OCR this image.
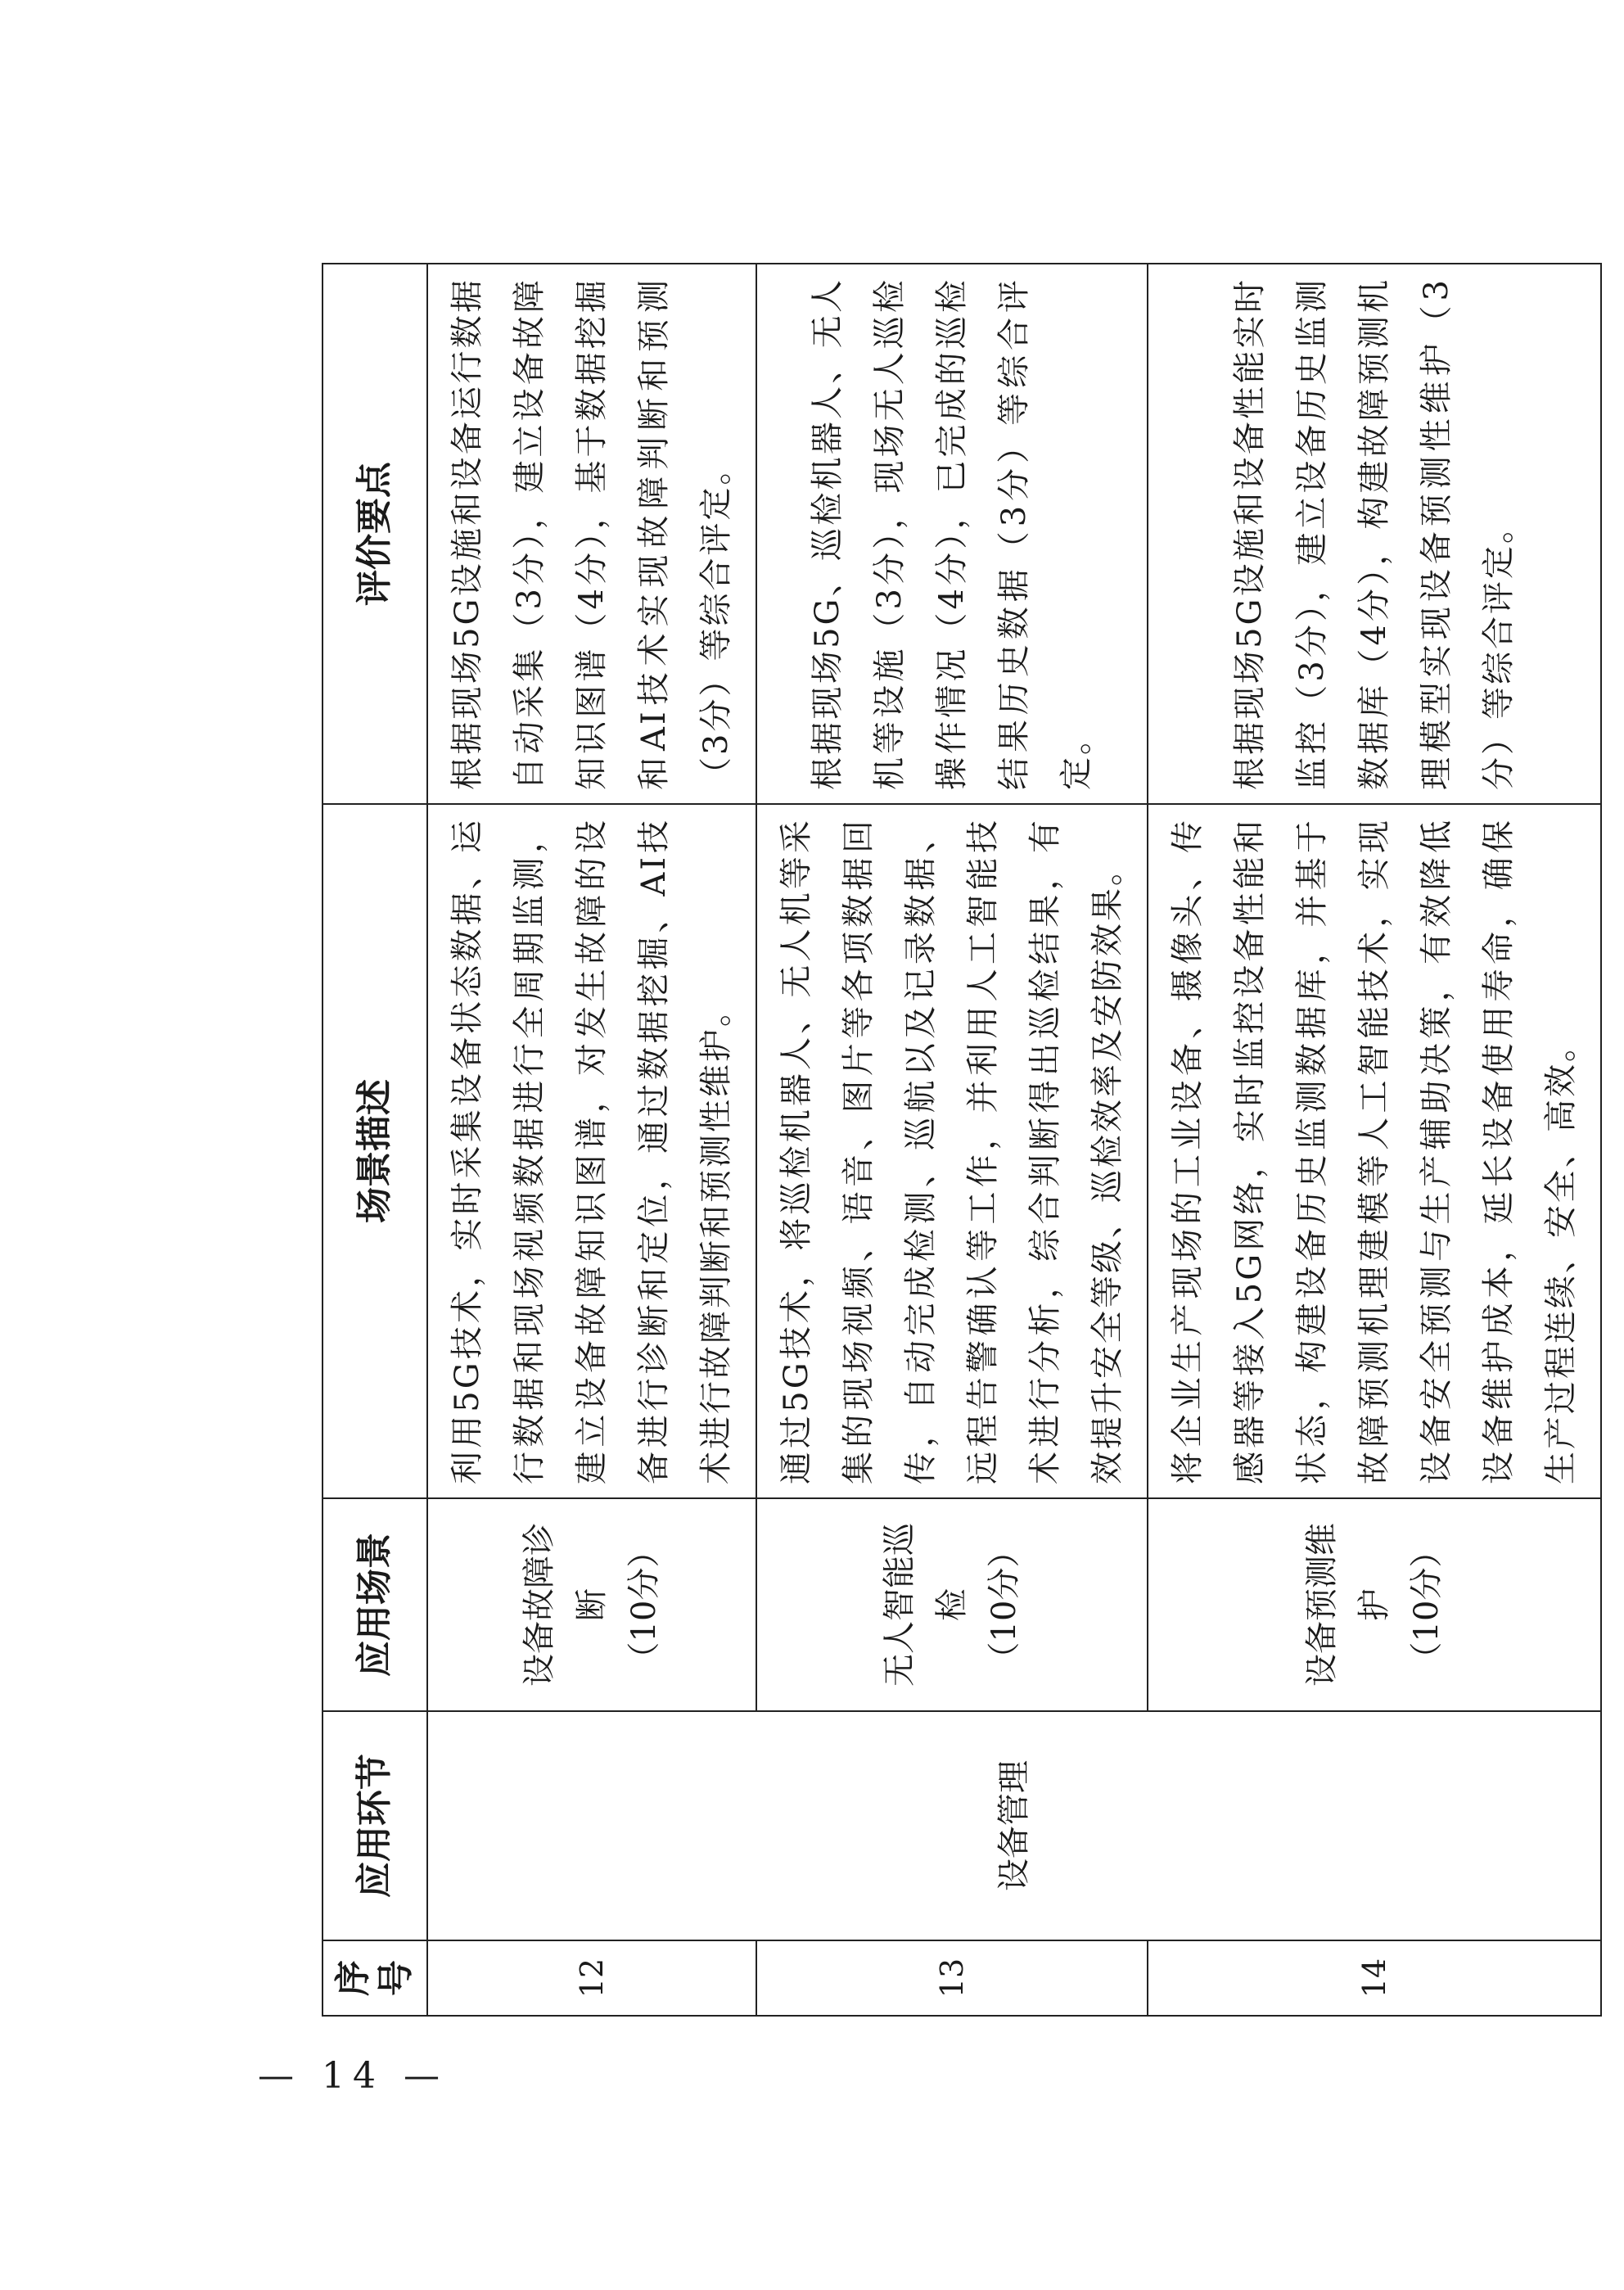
序号	应用环节	应用场景	场景描述	评价要点
12	设备管理	设备故障诊断 （10分）	利用5G技术，实时采集设备状态数据、运行数据和现场视频数据进行全周期监测，建立设备故障知识图谱，对发生故障的设备进行诊断和定位，通过数据挖掘、AI技术进行故障判断和预测性维护。	根据现场5G设施和设备运行数据自动采集（3分），建立设备故障知识图谱（4分），基于数据挖掘和AI技术实现故障判断和预测（3分）等综合评定。
13		无人智能巡检 （10分）	通过5G技术，将巡检机器人、无人机等采集的现场视频、语音、图片等各项数据回传，自动完成检测、巡航以及记录数据、远程告警确认等工作，并利用人工智能技术进行分析，综合判断得出巡检结果，有效提升安全等级、巡检效率及安防效果。	根据现场5G、巡检机器人、无人机等设施（3分），现场无人巡检操作情况（4分），已完成的巡检结果历史数据（3分）等综合评定。
14		设备预测维护 （10分）	将企业生产现场的工业设备、摄像头、传感器等接入5G网络，实时监控设备性能和状态，构建设备历史监测数据库，并基于故障预测机理建模等人工智能技术，实现设备安全预测与生产辅助决策，有效降低设备维护成本，延长设备使用寿命，确保生产过程连续、安全、高效。	根据现场5G设施和设备性能实时监控（3分），建立设备历史监测数据库（4分），构建故障预测机理模型实现设备预测性维护（3分）等综合评定。
— 14 —
